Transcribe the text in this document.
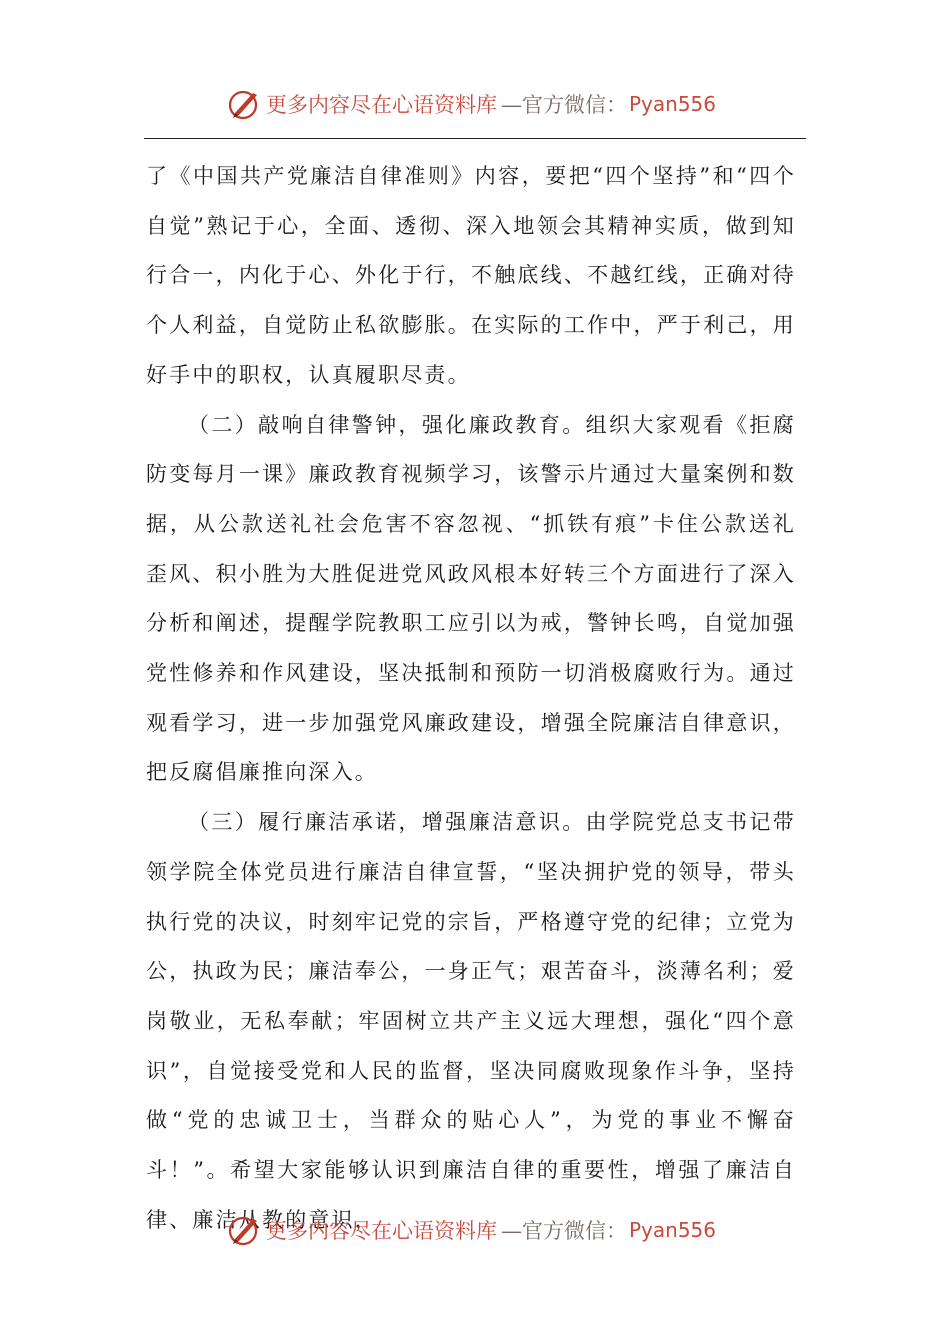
更多内容尽在心语资料库 —官方微信： Pyan556

了《中国共产党廉洁自律准则》内容，要把“四个坚持”和“四个自觉”熟记于心，全面、透彻、深入地领会其精神实质，做到知行合一，内化于心、外化于行，不触底线、不越红线，正确对待个人利益，自觉防止私欲膨胀。在实际的工作中，严于利己，用好手中的职权，认真履职尽责。

（二）敲响自律警钟，强化廉政教育。组织大家观看《拒腐防变每月一课》廉政教育视频学习，该警示片通过大量案例和数据，从公款送礼社会危害不容忽视、“抓铁有痕”卡住公款送礼歪风、积小胜为大胜促进党风政风根本好转三个方面进行了深入分析和阐述，提醒学院教职工应引以为戒，警钟长鸣，自觉加强党性修养和作风建设，坚决抵制和预防一切消极腐败行为。通过观看学习，进一步加强党风廉政建设，增强全院廉洁自律意识，把反腐倡廉推向深入。

（三）履行廉洁承诺，增强廉洁意识。由学院党总支书记带领学院全体党员进行廉洁自律宣誓，“坚决拥护党的领导，带头执行党的决议，时刻牢记党的宗旨，严格遵守党的纪律；立党为公，执政为民；廉洁奉公，一身正气；艰苦奋斗，淡薄名利；爱岗敬业，无私奉献；牢固树立共产主义远大理想，强化“四个意识”，自觉接受党和人民的监督，坚决同腐败现象作斗争，坚持做“党的忠诚卫士，当群众的贴心人”，为党的事业不懈奋斗！”。希望大家能够认识到廉洁自律的重要性，增强了廉洁自律、廉洁从教的意识，

更多内容尽在心语资料库 —官方微信： Pyan556
